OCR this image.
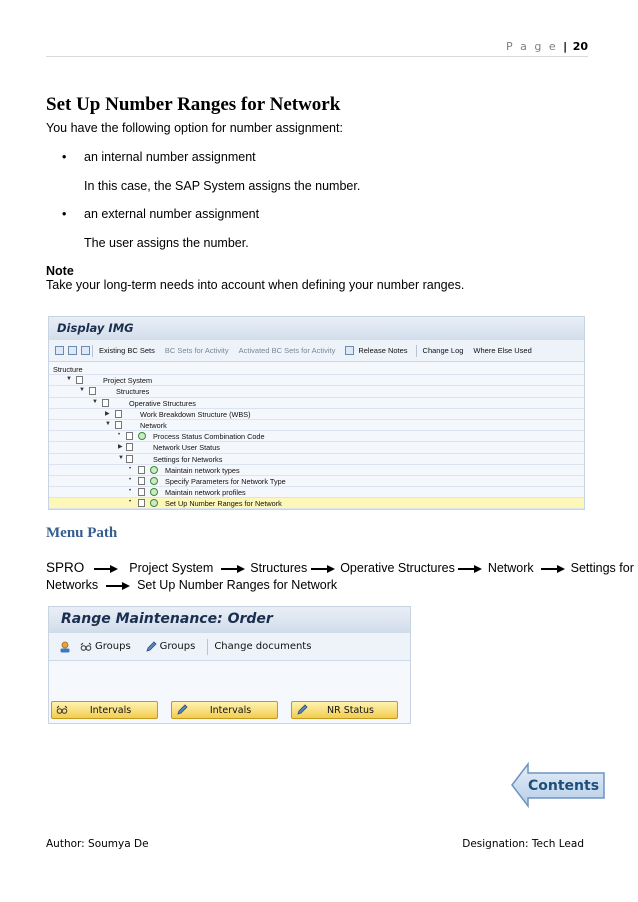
P a g e | 20
Set Up Number Ranges for Network
You have the following option for number assignment:
• an internal number assignment
In this case, the SAP System assigns the number.
• an external number assignment
The user assigns the number.
Note
Take your long-term needs into account when defining your number ranges.
Display IMG
Existing BC Sets BC Sets for Activity Activated BC Sets for Activity	Release Notes Change Log Where Else Used
Structure
▼	Project System
▼	Structures
▼	Operative Structures
▶	Work Breakdown Structure (WBS)
▼	Network
•	Process Status Combination Code
▶	Network User Status
▼	Settings for Networks
•	Maintain network types
•	Specify Parameters for Network Type
•	Maintain network profiles
•	Set Up Number Ranges for Network
Menu Path
SPRO	Project System	Structures	Operative Structures	Network	Settings for
Networks	Set Up Number Ranges for Network
Range Maintenance: Order
Groups	Groups Change documents
Intervals	Intervals	NR Status
Contents
Author: Soumya De	Designation: Tech Lead
